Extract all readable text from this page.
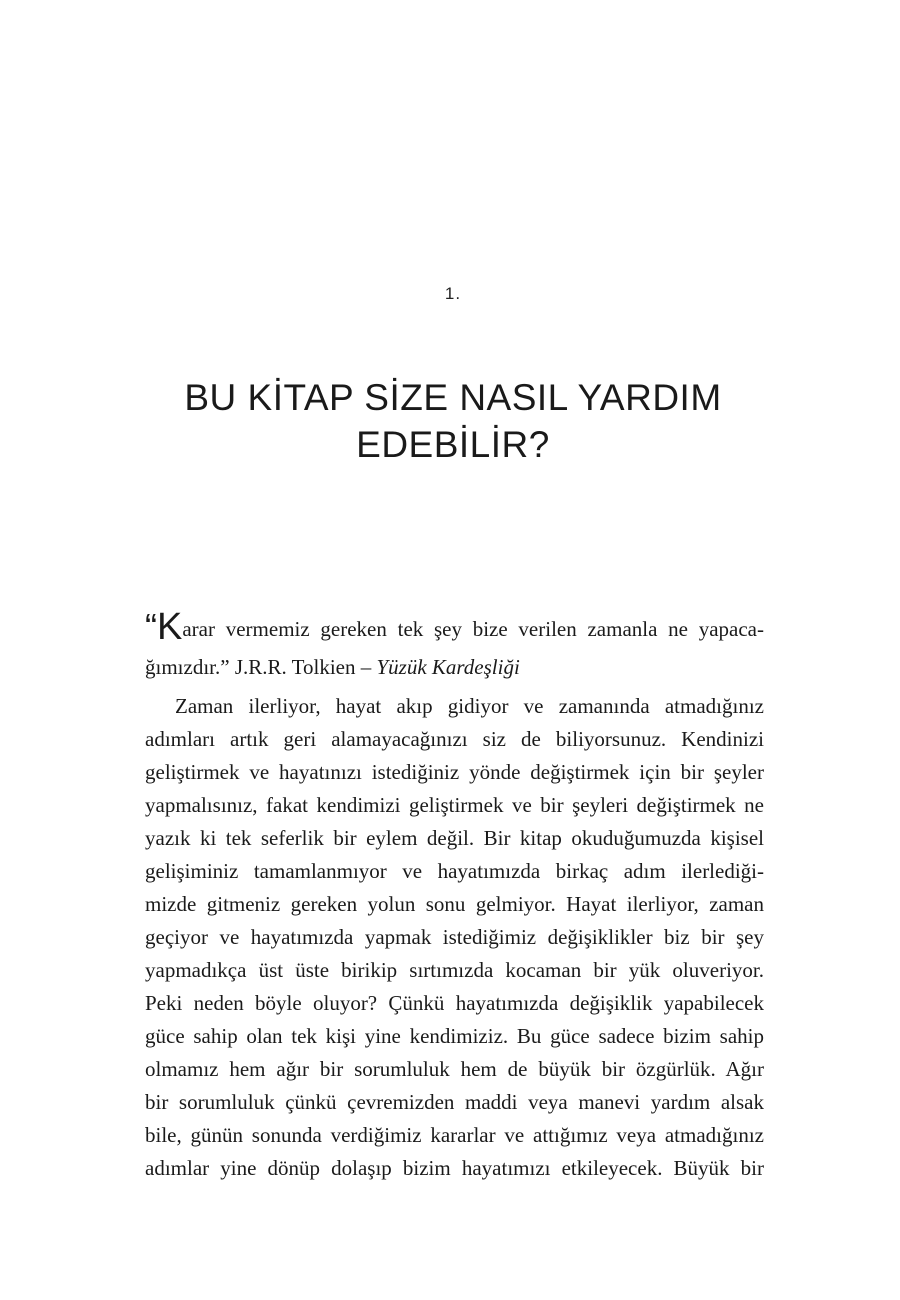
1.
BU KİTAP SİZE NASIL YARDIM
EDEBİLİR?
“Karar vermemiz gereken tek şey bize verilen zamanla ne yapaca-
ğımızdır.” J.R.R. Tolkien – Yüzük Kardeşliği
Zaman ilerliyor, hayat akıp gidiyor ve zamanında atmadığınız
adımları artık geri alamayacağınızı siz de biliyorsunuz. Kendinizi
geliştirmek ve hayatınızı istediğiniz yönde değiştirmek için bir şeyler
yapmalısınız, fakat kendimizi geliştirmek ve bir şeyleri değiştirmek ne
yazık ki tek seferlik bir eylem değil. Bir kitap okuduğumuzda kişisel
gelişiminiz tamamlanmıyor ve hayatımızda birkaç adım ilerlediği-
mizde gitmeniz gereken yolun sonu gelmiyor. Hayat ilerliyor, zaman
geçiyor ve hayatımızda yapmak istediğimiz değişiklikler biz bir şey
yapmadıkça üst üste birikip sırtımızda kocaman bir yük oluveriyor.
Peki neden böyle oluyor? Çünkü hayatımızda değişiklik yapabilecek
güce sahip olan tek kişi yine kendimiziz. Bu güce sadece bizim sahip
olmamız hem ağır bir sorumluluk hem de büyük bir özgürlük. Ağır
bir sorumluluk çünkü çevremizden maddi veya manevi yardım alsak
bile, günün sonunda verdiğimiz kararlar ve attığımız veya atmadığınız
adımlar yine dönüp dolaşıp bizim hayatımızı etkileyecek. Büyük bir
